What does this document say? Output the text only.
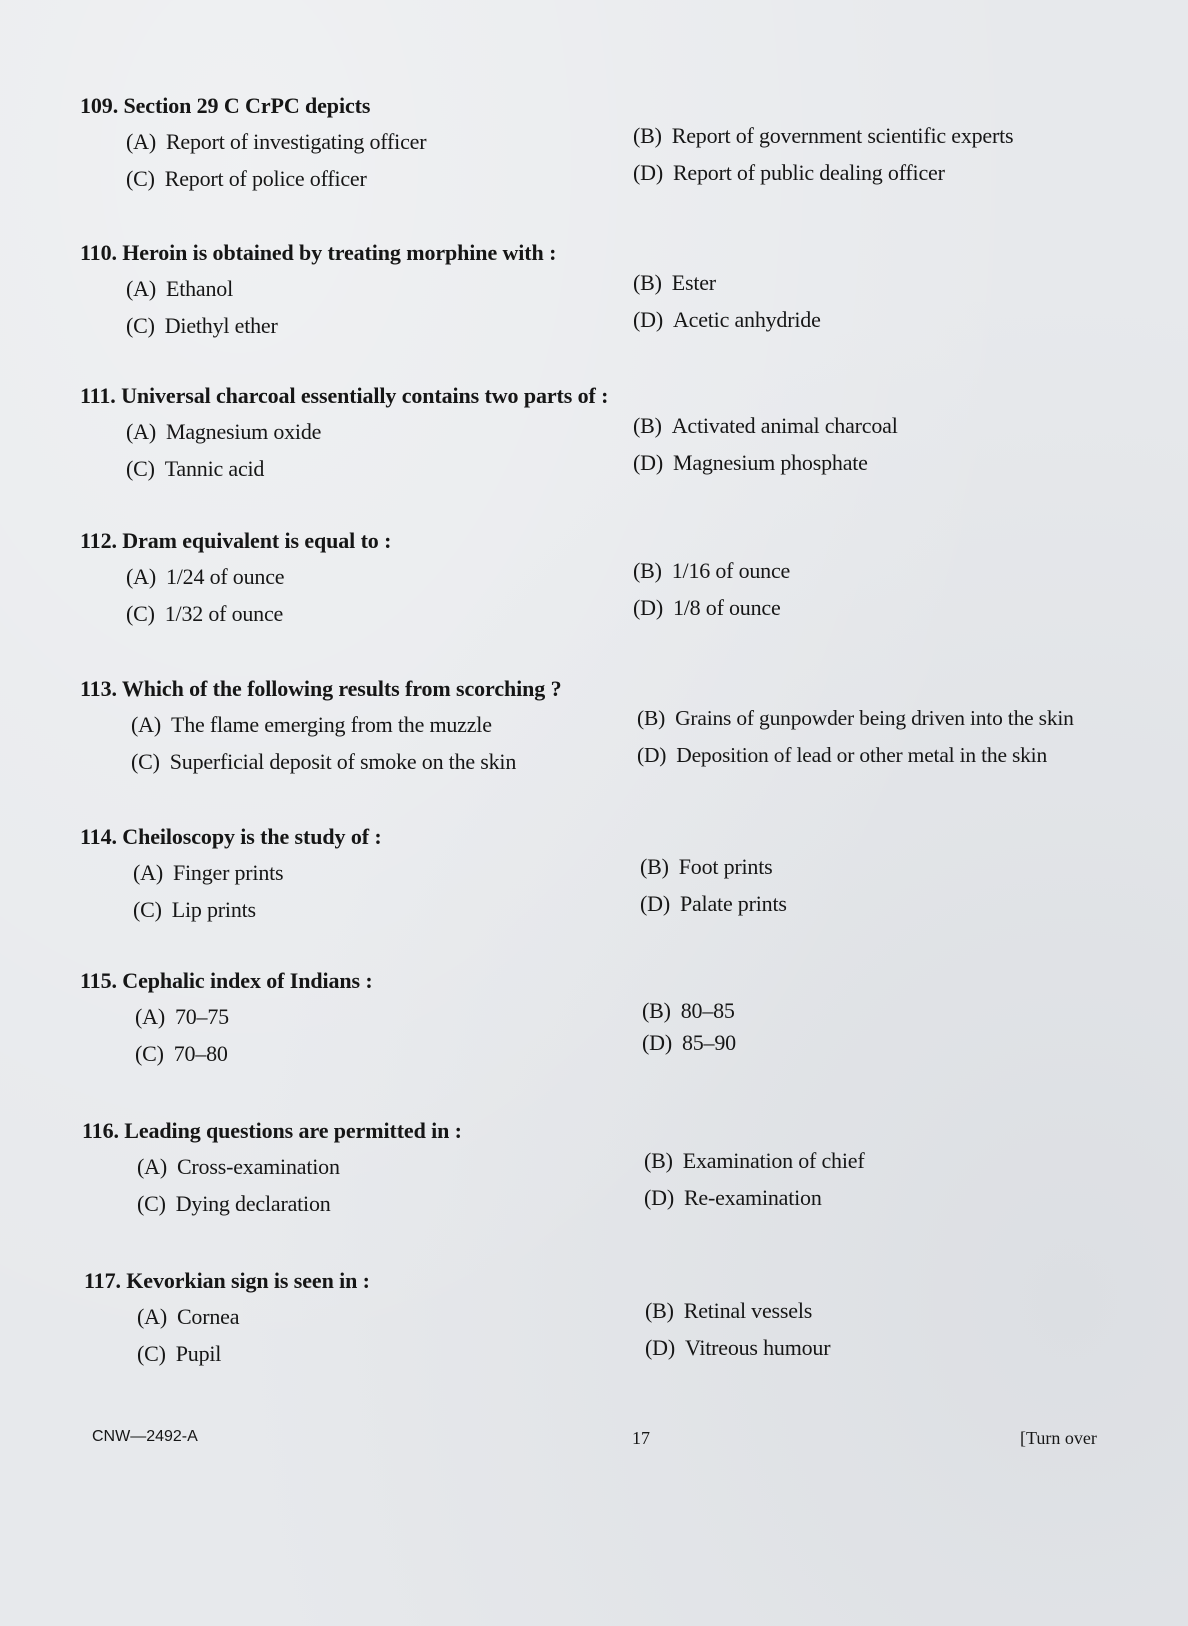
109. Section 29 C CrPC depicts
(A) Report of investigating officer	(B) Report of government scientific experts
(C) Report of police officer	(D) Report of public dealing officer
110. Heroin is obtained by treating morphine with :
(A) Ethanol	(B) Ester
(C) Diethyl ether	(D) Acetic anhydride
111. Universal charcoal essentially contains two parts of :
(A) Magnesium oxide	(B) Activated animal charcoal
(C) Tannic acid	(D) Magnesium phosphate
112. Dram equivalent is equal to :
(A) 1/24 of ounce	(B) 1/16 of ounce
(C) 1/32 of ounce	(D) 1/8 of ounce
113. Which of the following results from scorching ?
(A) The flame emerging from the muzzle	(B) Grains of gunpowder being driven into the skin
(C) Superficial deposit of smoke on the skin	(D) Deposition of lead or other metal in the skin
114. Cheiloscopy is the study of :
(A) Finger prints	(B) Foot prints
(C) Lip prints	(D) Palate prints
115. Cephalic index of Indians :
(A) 70–75	(B) 80–85
(C) 70–80	(D) 85–90
116. Leading questions are permitted in :
(A) Cross-examination	(B) Examination of chief
(C) Dying declaration	(D) Re-examination
117. Kevorkian sign is seen in :
(A) Cornea	(B) Retinal vessels
(C) Pupil	(D) Vitreous humour
CNW—2492-A	17	[Turn over
